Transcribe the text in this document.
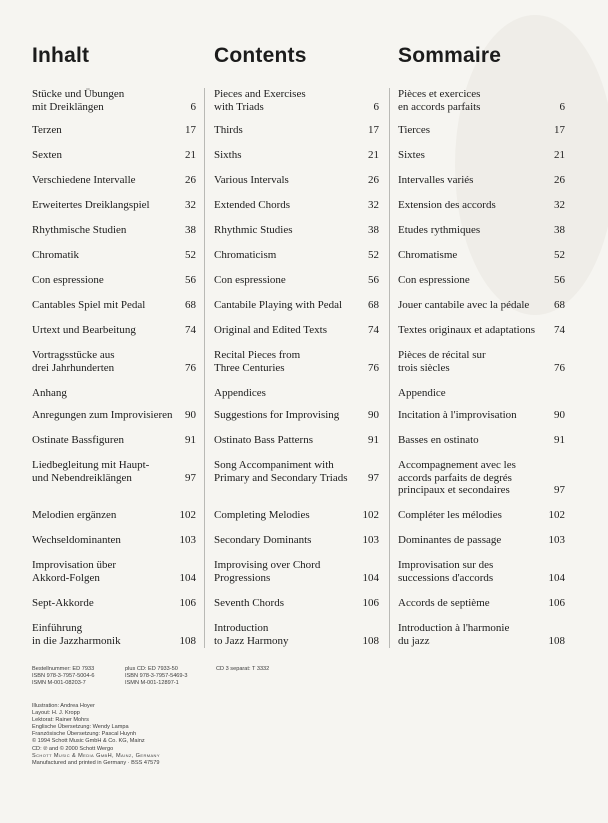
Inhalt
Stücke und Übungen
mit Dreiklängen	6
Terzen	17
Sexten	21
Verschiedene Intervalle	26
Erweitertes Dreiklangspiel	32
Rhythmische Studien	38
Chromatik	52
Con espressione	56
Cantables Spiel mit Pedal	68
Urtext und Bearbeitung	74
Vortragsstücke aus
drei Jahrhunderten	76
Anhang
Anregungen zum Improvisieren 90
Ostinate Bassfiguren	91
Liedbegleitung mit Haupt-
und Nebendreiklängen	97
Melodien ergänzen	102
Wechseldominanten	103
Improvisation über
Akkord-Folgen	104
Sept-Akkorde	106
Einführung
in die Jazzharmonik	108
Contents
Pieces and Exercises
with Triads	6
Thirds	17
Sixths	21
Various Intervals	26
Extended Chords	32
Rhythmic Studies	38
Chromaticism	52
Con espressione	56
Cantabile Playing with Pedal 68
Original and Edited Texts	74
Recital Pieces from
Three Centuries	76
Appendices
Suggestions for Improvising	90
Ostinato Bass Patterns	91
Song Accompaniment with
Primary and Secondary Triads 97
Completing Melodies	102
Secondary Dominants	103
Improvising over Chord
Progressions	104
Seventh Chords	106
Introduction
to Jazz Harmony	108
Sommaire
Pièces et exercices
en accords parfaits	6
Tierces	17
Sixtes	21
Intervalles variés	26
Extension des accords	32
Etudes rythmiques	38
Chromatisme	52
Con espressione	56
Jouer cantabile avec la pédale 68
Textes originaux et adaptations 74
Pièces de récital sur
trois siècles	76
Appendice
Incitation à l'improvisation	90
Basses en ostinato	91
Accompagnement avec les
accords parfaits de degrés
principaux et secondaires	97
Compléter les mélodies	102
Dominantes de passage	103
Improvisation sur des
successions d'accords	104
Accords de septième	106
Introduction à l'harmonie
du jazz	108
Bestellnummer: ED 7933
ISBN 978-3-7957-5004-6
ISMN M-001-08203-7
plus CD: ED 7933-50
ISBN 978-3-7957-5469-3
ISMN M-001-12897-1
CD 3 separat: T 3332
Illustration: Andrea Hoyer
Layout: H. J. Kropp
Lektorat: Rainer Mohrs
Englische Übersetzung: Wendy Lampa
Französische Übersetzung: Pascal Huynh
© 1994 Schott Music GmbH & Co. KG, Mainz
CD: ℗ and © 2000 Schott Wergo
Schott Music & Media GmbH, Mainz, Germany
Manufactured and printed in Germany · BSS 47579
